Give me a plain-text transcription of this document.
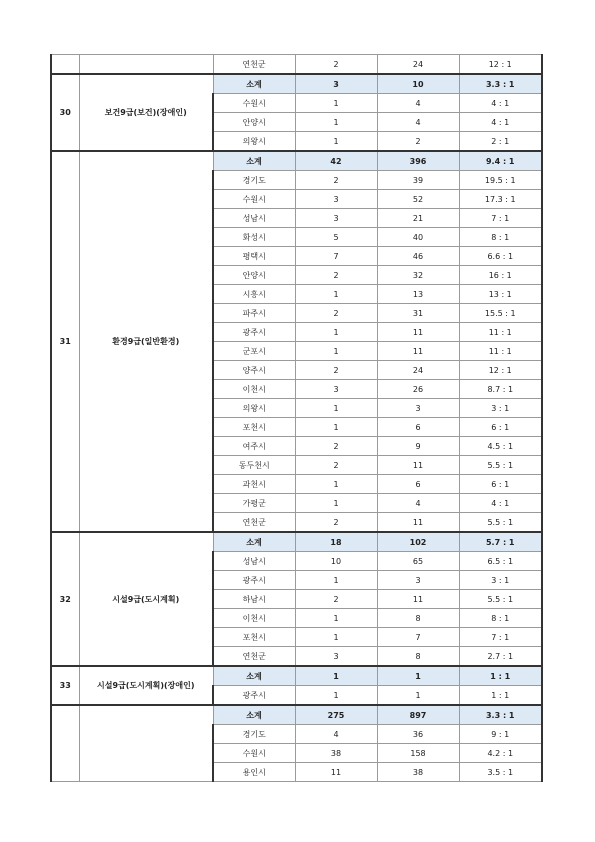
		연천군	2	24	12 : 1
30	보건9급(보건)(장애인)	소계	3	10	3.3 : 1
		수원시	1	4	4 : 1
		안양시	1	4	4 : 1
		의왕시	1	2	2 : 1
31	환경9급(일반환경)	소계	42	396	9.4 : 1
		경기도	2	39	19.5 : 1
		수원시	3	52	17.3 : 1
		성남시	3	21	7 : 1
		화성시	5	40	8 : 1
		평택시	7	46	6.6 : 1
		안양시	2	32	16 : 1
		시흥시	1	13	13 : 1
		파주시	2	31	15.5 : 1
		광주시	1	11	11 : 1
		군포시	1	11	11 : 1
		양주시	2	24	12 : 1
		이천시	3	26	8.7 : 1
		의왕시	1	3	3 : 1
		포천시	1	6	6 : 1
		여주시	2	9	4.5 : 1
		동두천시	2	11	5.5 : 1
		과천시	1	6	6 : 1
		가평군	1	4	4 : 1
		연천군	2	11	5.5 : 1
32	시설9급(도시계획)	소계	18	102	5.7 : 1
		성남시	10	65	6.5 : 1
		광주시	1	3	3 : 1
		하남시	2	11	5.5 : 1
		이천시	1	8	8 : 1
		포천시	1	7	7 : 1
		연천군	3	8	2.7 : 1
33	시설9급(도시계획)(장애인)	소계	1	1	1 : 1
		광주시	1	1	1 : 1
		소계	275	897	3.3 : 1
		경기도	4	36	9 : 1
		수원시	38	158	4.2 : 1
		용인시	11	38	3.5 : 1
